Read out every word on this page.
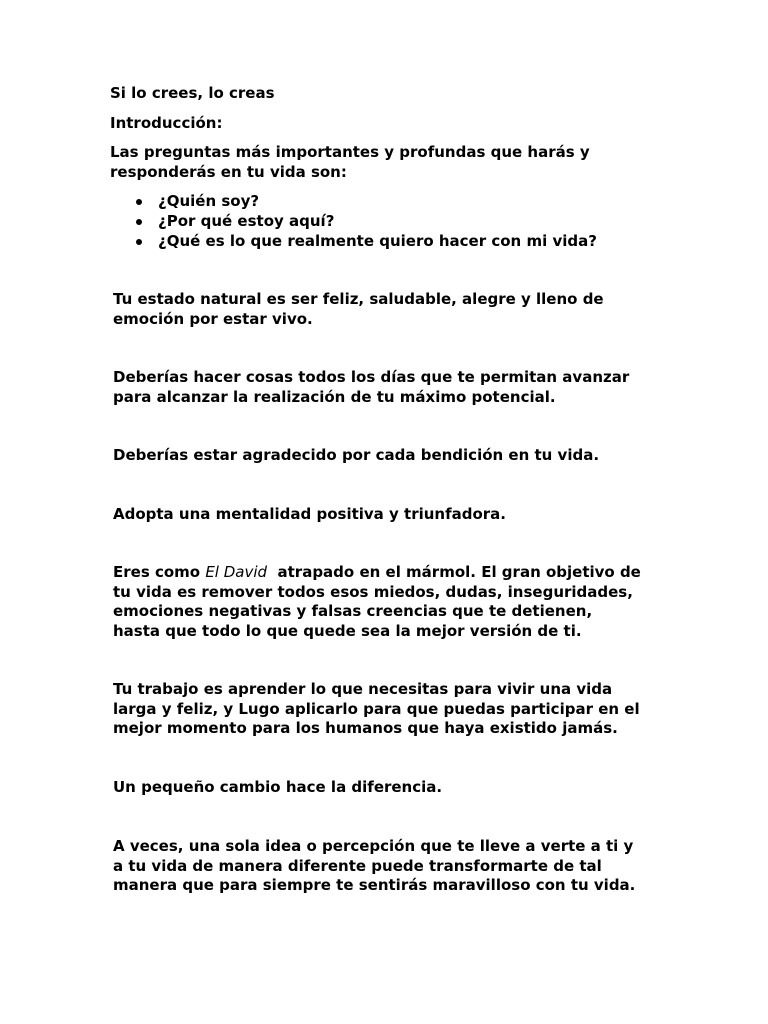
Si lo crees, lo creas
Introducción:
Las preguntas más importantes y profundas que harás y
responderás en tu vida son:
¿Quién soy?
¿Por qué estoy aquí?
¿Qué es lo que realmente quiero hacer con mi vida?
Tu estado natural es ser feliz, saludable, alegre y lleno de
emoción por estar vivo.
Deberías hacer cosas todos los días que te permitan avanzar
para alcanzar la realización de tu máximo potencial.
Deberías estar agradecido por cada bendición en tu vida.
Adopta una mentalidad positiva y triunfadora.
Eres como El David  atrapado en el mármol. El gran objetivo de
tu vida es remover todos esos miedos, dudas, inseguridades,
emociones negativas y falsas creencias que te detienen,
hasta que todo lo que quede sea la mejor versión de ti.
Tu trabajo es aprender lo que necesitas para vivir una vida
larga y feliz, y Lugo aplicarlo para que puedas participar en el
mejor momento para los humanos que haya existido jamás.
Un pequeño cambio hace la diferencia.
A veces, una sola idea o percepción que te lleve a verte a ti y
a tu vida de manera diferente puede transformarte de tal
manera que para siempre te sentirás maravilloso con tu vida.
